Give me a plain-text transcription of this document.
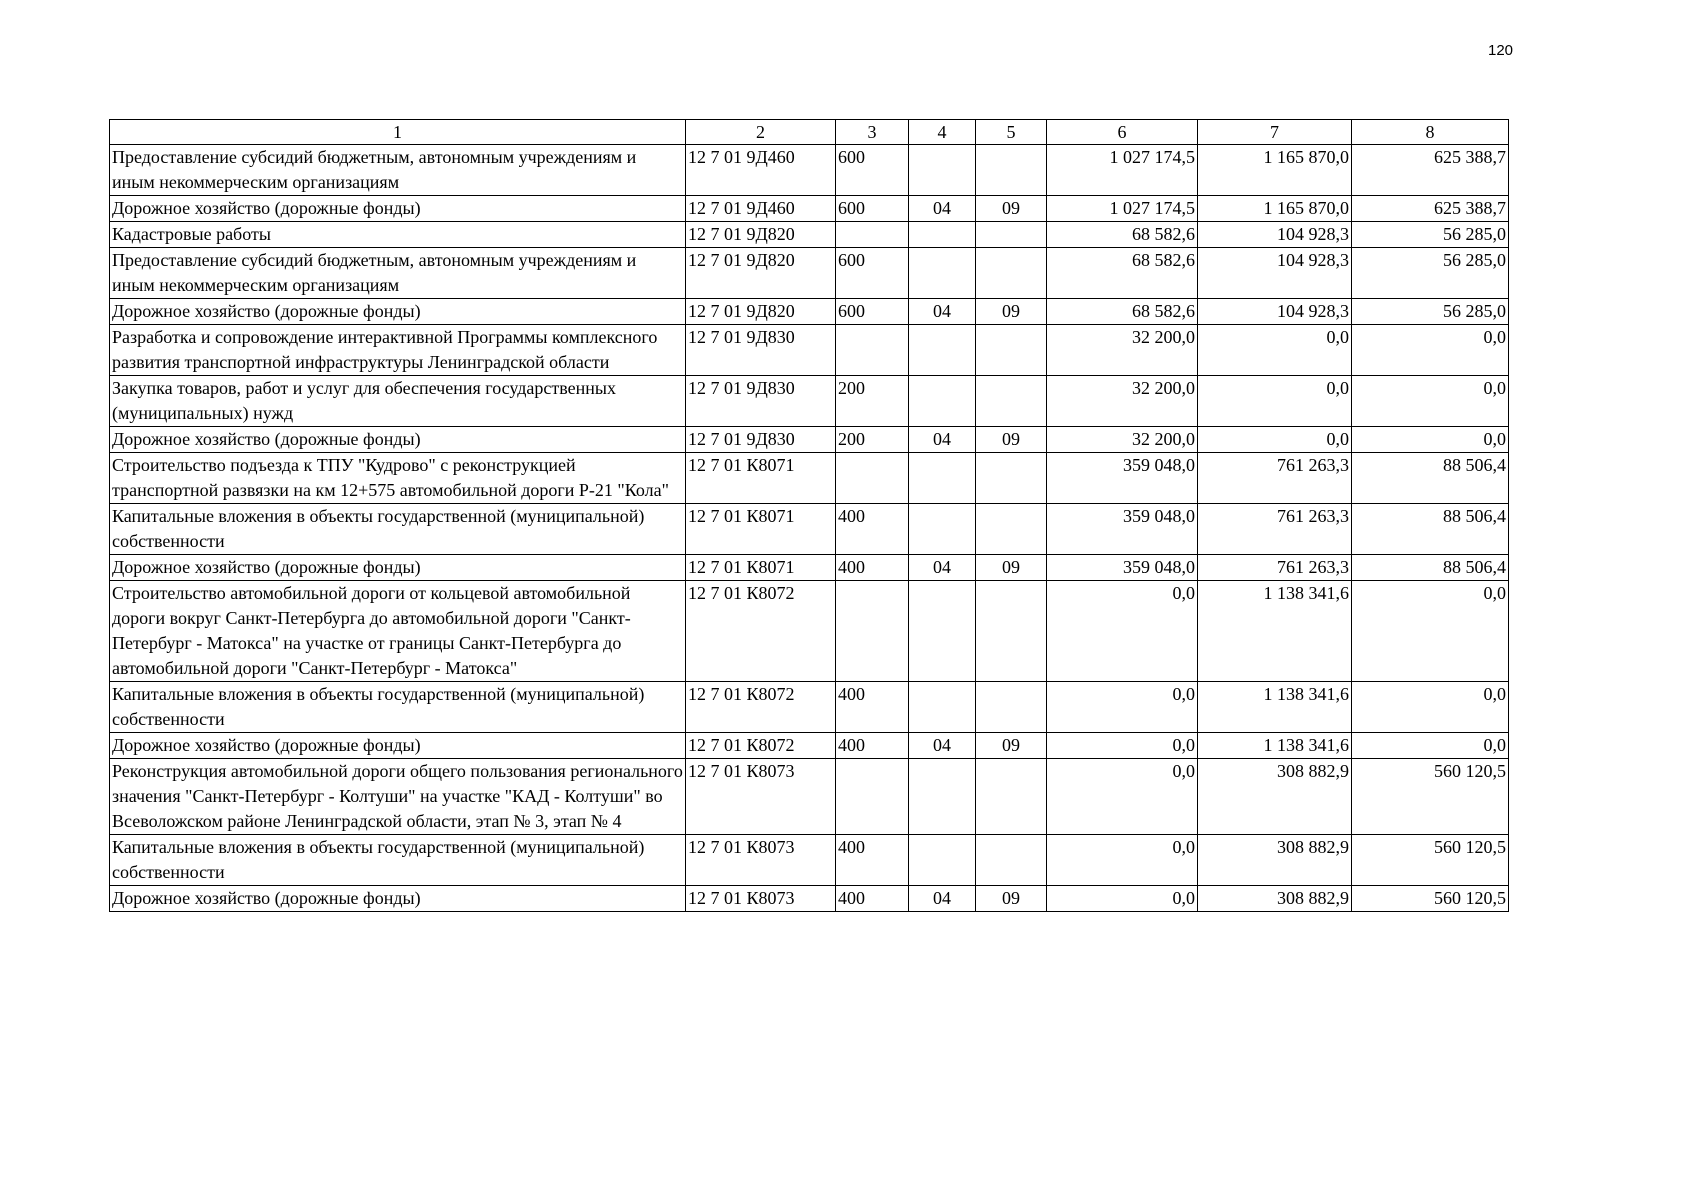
120
1	2	3	4	5	6	7	8
Предоставление субсидий бюджетным, автономным учреждениям и иным некоммерческим организациям	12 7 01 9Д460	600			1 027 174,5	1 165 870,0	625 388,7
Дорожное хозяйство (дорожные фонды)	12 7 01 9Д460	600	04	09	1 027 174,5	1 165 870,0	625 388,7
Кадастровые работы	12 7 01 9Д820				68 582,6	104 928,3	56 285,0
Предоставление субсидий бюджетным, автономным учреждениям и иным некоммерческим организациям	12 7 01 9Д820	600			68 582,6	104 928,3	56 285,0
Дорожное хозяйство (дорожные фонды)	12 7 01 9Д820	600	04	09	68 582,6	104 928,3	56 285,0
Разработка и сопровождение интерактивной Программы комплексного развития транспортной инфраструктуры Ленинградской области	12 7 01 9Д830				32 200,0	0,0	0,0
Закупка товаров, работ и услуг для обеспечения государственных (муниципальных) нужд	12 7 01 9Д830	200			32 200,0	0,0	0,0
Дорожное хозяйство (дорожные фонды)	12 7 01 9Д830	200	04	09	32 200,0	0,0	0,0
Строительство подъезда к ТПУ "Кудрово" с реконструкцией транспортной развязки на км 12+575 автомобильной дороги Р-21 "Кола"	12 7 01 К8071				359 048,0	761 263,3	88 506,4
Капитальные вложения в объекты государственной (муниципальной) собственности	12 7 01 К8071	400			359 048,0	761 263,3	88 506,4
Дорожное хозяйство (дорожные фонды)	12 7 01 К8071	400	04	09	359 048,0	761 263,3	88 506,4
Строительство автомобильной дороги от кольцевой автомобильной дороги вокруг Санкт-Петербурга до автомобильной дороги "Санкт-Петербург - Матокса" на участке от границы Санкт-Петербурга до автомобильной дороги "Санкт-Петербург - Матокса"	12 7 01 К8072				0,0	1 138 341,6	0,0
Капитальные вложения в объекты государственной (муниципальной) собственности	12 7 01 К8072	400			0,0	1 138 341,6	0,0
Дорожное хозяйство (дорожные фонды)	12 7 01 К8072	400	04	09	0,0	1 138 341,6	0,0
Реконструкция автомобильной дороги общего пользования регионального значения "Санкт-Петербург - Колтуши" на участке "КАД - Колтуши" во Всеволожском районе Ленинградской области, этап № 3, этап № 4	12 7 01 К8073				0,0	308 882,9	560 120,5
Капитальные вложения в объекты государственной (муниципальной) собственности	12 7 01 К8073	400			0,0	308 882,9	560 120,5
Дорожное хозяйство (дорожные фонды)	12 7 01 К8073	400	04	09	0,0	308 882,9	560 120,5
